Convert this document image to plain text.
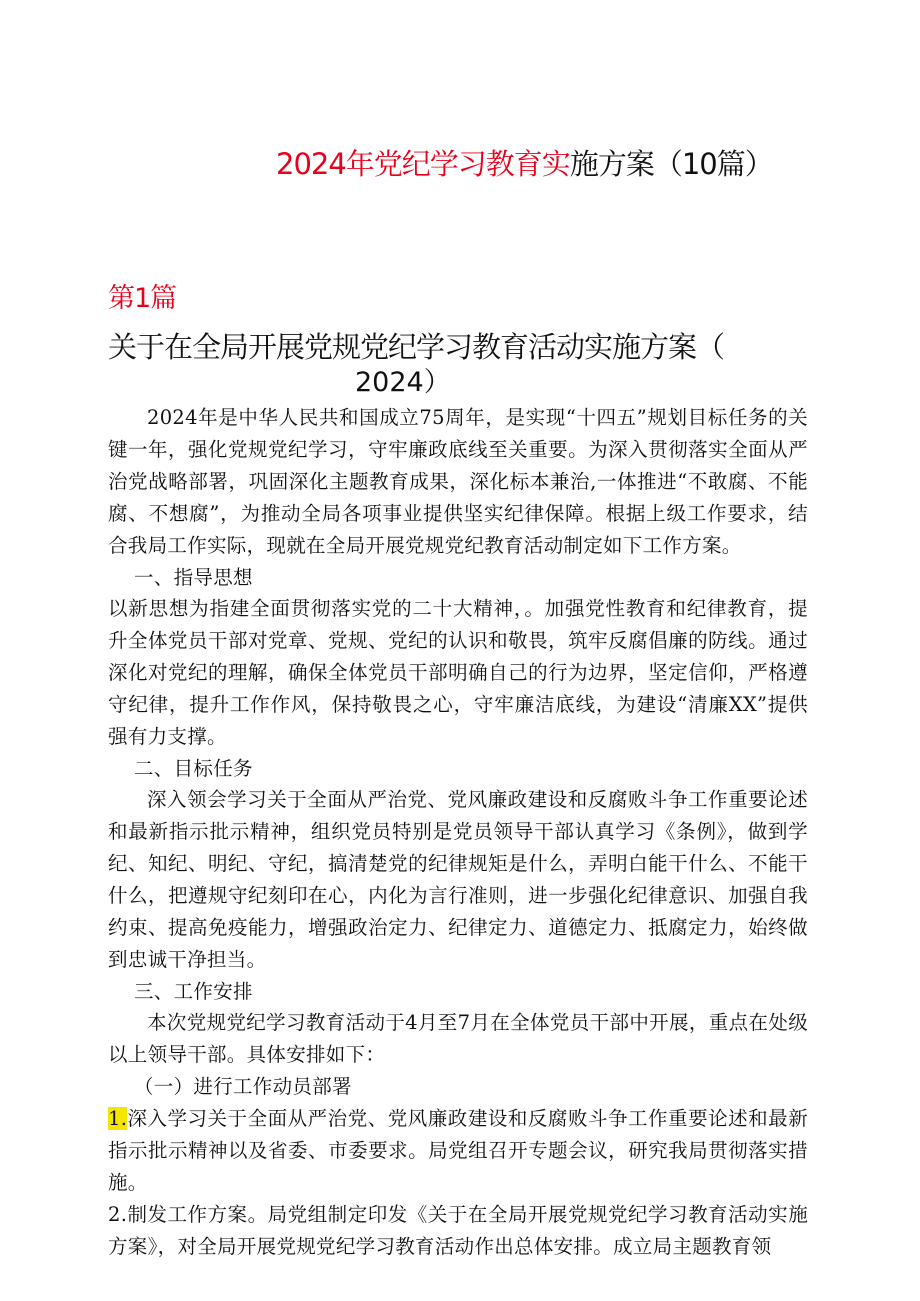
2024年党纪学习教育实施方案（10篇）
第1篇
关于在全局开展党规党纪学习教育活动实施方案（
2024）

2024年是中华人民共和国成立75周年，是实现“十四五”规划目标任务的关键一年，强化党规党纪学习，守牢廉政底线至关重要。为深入贯彻落实全面从严治党战略部署，巩固深化主题教育成果，深化标本兼治,一体推进“不敢腐、不能腐、不想腐”，为推动全局各项事业提供坚实纪律保障。根据上级工作要求，结合我局工作实际，现就在全局开展党规党纪教育活动制定如下工作方案。

一、指导思想

以新思想为指建全面贯彻落实党的二十大精神，。加强党性教育和纪律教育，提升全体党员干部对党章、党规、党纪的认识和敬畏，筑牢反腐倡廉的防线。通过深化对党纪的理解，确保全体党员干部明确自己的行为边界，坚定信仰，严格遵守纪律，提升工作作风，保持敬畏之心，守牢廉洁底线，为建设“清廉XX”提供强有力支撑。

二、目标任务

深入领会学习关于全面从严治党、党风廉政建设和反腐败斗争工作重要论述和最新指示批示精神，组织党员特别是党员领导干部认真学习《条例》，做到学纪、知纪、明纪、守纪，搞清楚党的纪律规矩是什么，弄明白能干什么、不能干什么，把遵规守纪刻印在心，内化为言行准则，进一步强化纪律意识、加强自我约束、提高免疫能力，增强政治定力、纪律定力、道德定力、抵腐定力，始终做到忠诚干净担当。

三、工作安排

本次党规党纪学习教育活动于4月至7月在全体党员干部中开展，重点在处级以上领导干部。具体安排如下：

（一）进行工作动员部署

1.深入学习关于全面从严治党、党风廉政建设和反腐败斗争工作重要论述和最新指示批示精神以及省委、市委要求。局党组召开专题会议，研究我局贯彻落实措施。

2.制发工作方案。局党组制定印发《关于在全局开展党规党纪学习教育活动实施方案》，对全局开展党规党纪学习教育活动作出总体安排。成立局主题教育领
